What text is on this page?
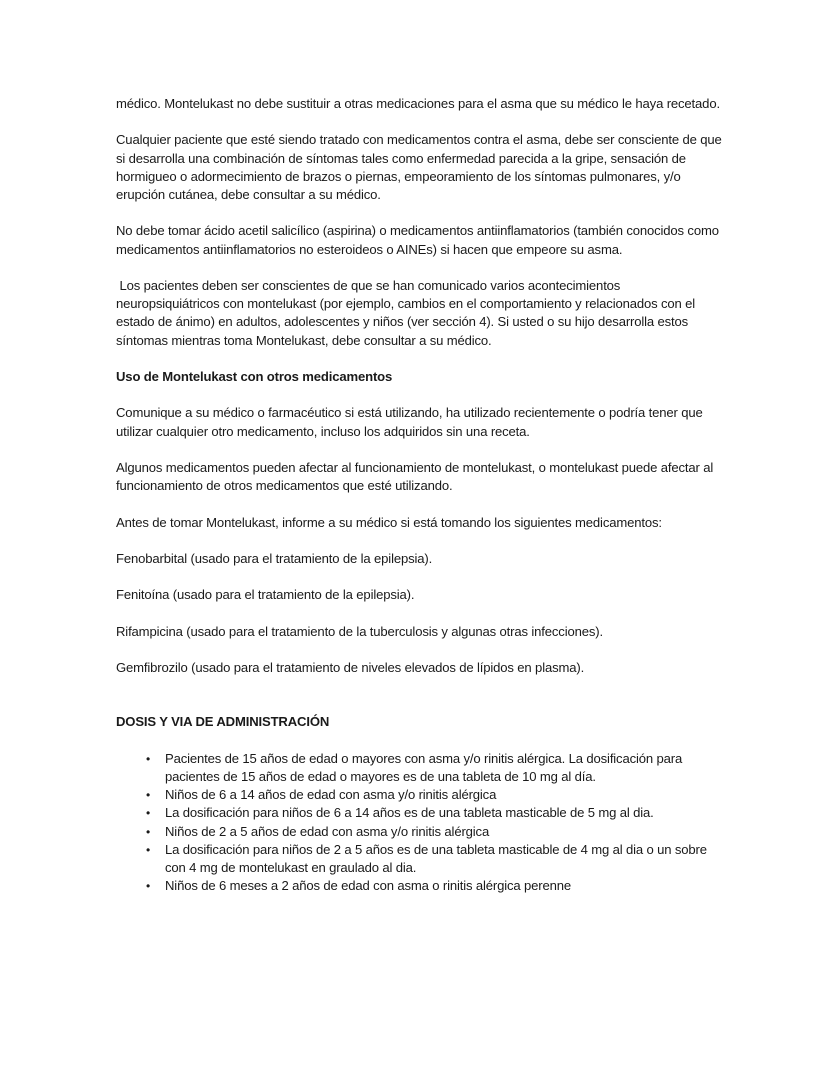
médico. Montelukast no debe sustituir a otras medicaciones para el asma que su médico le haya recetado.

Cualquier paciente que esté siendo tratado con medicamentos contra el asma, debe ser consciente de que si desarrolla una combinación de síntomas tales como enfermedad parecida a la gripe, sensación de hormigueo o adormecimiento de brazos o piernas, empeoramiento de los síntomas pulmonares, y/o erupción cutánea, debe consultar a su médico.

No debe tomar ácido acetil salicílico (aspirina) o medicamentos antiinflamatorios (también conocidos como medicamentos antiinflamatorios no esteroideos o AINEs) si hacen que empeore su asma.

Los pacientes deben ser conscientes de que se han comunicado varios acontecimientos neuropsiquiátricos con montelukast (por ejemplo, cambios en el comportamiento y relacionados con el estado de ánimo) en adultos, adolescentes y niños (ver sección 4). Si usted o su hijo desarrolla estos síntomas mientras toma Montelukast, debe consultar a su médico.

Uso de Montelukast con otros medicamentos

Comunique a su médico o farmacéutico si está utilizando, ha utilizado recientemente o podría tener que utilizar cualquier otro medicamento, incluso los adquiridos sin una receta.

Algunos medicamentos pueden afectar al funcionamiento de montelukast, o montelukast puede afectar al funcionamiento de otros medicamentos que esté utilizando.

Antes de tomar Montelukast, informe a su médico si está tomando los siguientes medicamentos:

Fenobarbital (usado para el tratamiento de la epilepsia).

Fenitoína (usado para el tratamiento de la epilepsia).

Rifampicina (usado para el tratamiento de la tuberculosis y algunas otras infecciones).

Gemfibrozilo (usado para el tratamiento de niveles elevados de lípidos en plasma).

DOSIS Y VIA DE ADMINISTRACIÓN

• Pacientes de 15 años de edad o mayores con asma y/o rinitis alérgica. La dosificación para pacientes de 15 años de edad o mayores es de una tableta de 10 mg al día.
• Niños de 6 a 14 años de edad con asma y/o rinitis alérgica
• La dosificación para niños de 6 a 14 años es de una tableta masticable de 5 mg al dia.
• Niños de 2 a 5 años de edad con asma y/o rinitis alérgica
• La dosificación para niños de 2 a 5 años es de una tableta masticable de 4 mg al dia o un sobre con 4 mg de montelukast en graulado al dia.
• Niños de 6 meses a 2 años de edad con asma o rinitis alérgica perenne
